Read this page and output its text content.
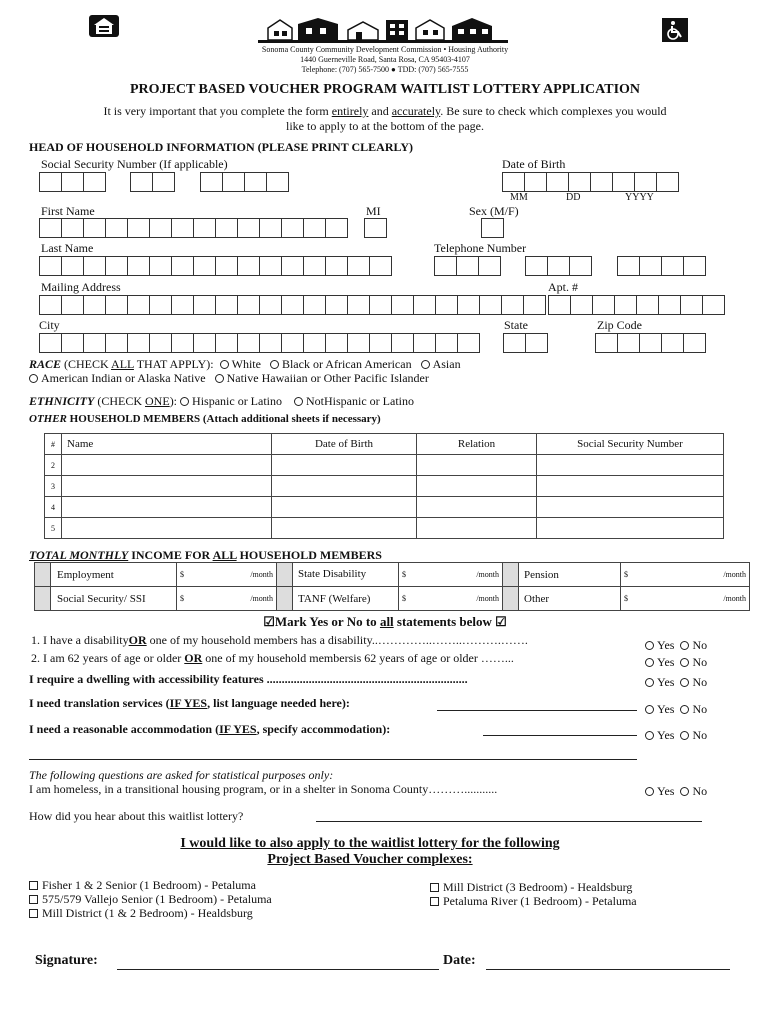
Sonoma County Community Development Commission • Housing Authority
1440 Guerneville Road, Santa Rosa, CA 95403-4107
Telephone: (707) 565-7500 ● TDD: (707) 565-7555
PROJECT BASED VOUCHER PROGRAM WAITLIST LOTTERY APPLICATION
It is very important that you complete the form entirely and accurately. Be sure to check which complexes you would
like to apply to at the bottom of the page.
HEAD OF HOUSEHOLD INFORMATION (PLEASE PRINT CLEARLY)
Social Security Number (If applicable)	Date of Birth
MM	DD	YYYY
First Name	MI	Sex (M/F)
Last Name	Telephone Number
Mailing Address	Apt. #
City	State	Zip Code
RACE (CHECK ALL THAT APPLY): White Black or African American Asian
American Indian or Alaska Native Native Hawaiian or Other Pacific Islander
ETHNICITY (CHECK ONE): Hispanic or Latino NotHispanic or Latino
OTHER HOUSEHOLD MEMBERS (Attach additional sheets if necessary)
#	Name	Date of Birth	Relation	Social Security Number
2				
3				
4				
5				
TOTAL MONTHLY INCOME FOR ALL HOUSEHOLD MEMBERS
	Employment	$ /month		State Disability	$ /month		Pension	$ /month

	Social Security/ SSI	$ /month		TANF (Welfare)	$ /month		Other	$ /month
☑Mark Yes or No to all statements below ☑
1. I have a disabilityOR one of my household members has a disability..…………..……..……….…….	Yes No
2. I am 62 years of age or older OR one of my household membersis 62 years of age or older ……...	Yes No
I require a dwelling with accessibility features ...................................................................	Yes No
I need translation services (IF YES, list language needed here):	Yes No
I need a reasonable accommodation (IF YES, specify accommodation):	Yes No
The following questions are asked for statistical purposes only:
I am homeless, in a transitional housing program, or in a shelter in Sonoma County………...........	Yes No
How did you hear about this waitlist lottery?
I would like to also apply to the waitlist lottery for the following
Project Based Voucher complexes:
Fisher 1 & 2 Senior (1 Bedroom) - Petaluma
575/579 Vallejo Senior (1 Bedroom) - Petaluma
Mill District (1 & 2 Bedroom) - Healdsburg
Mill District (3 Bedroom) - Healdsburg
Petaluma River (1 Bedroom) - Petaluma
Signature:	Date:
